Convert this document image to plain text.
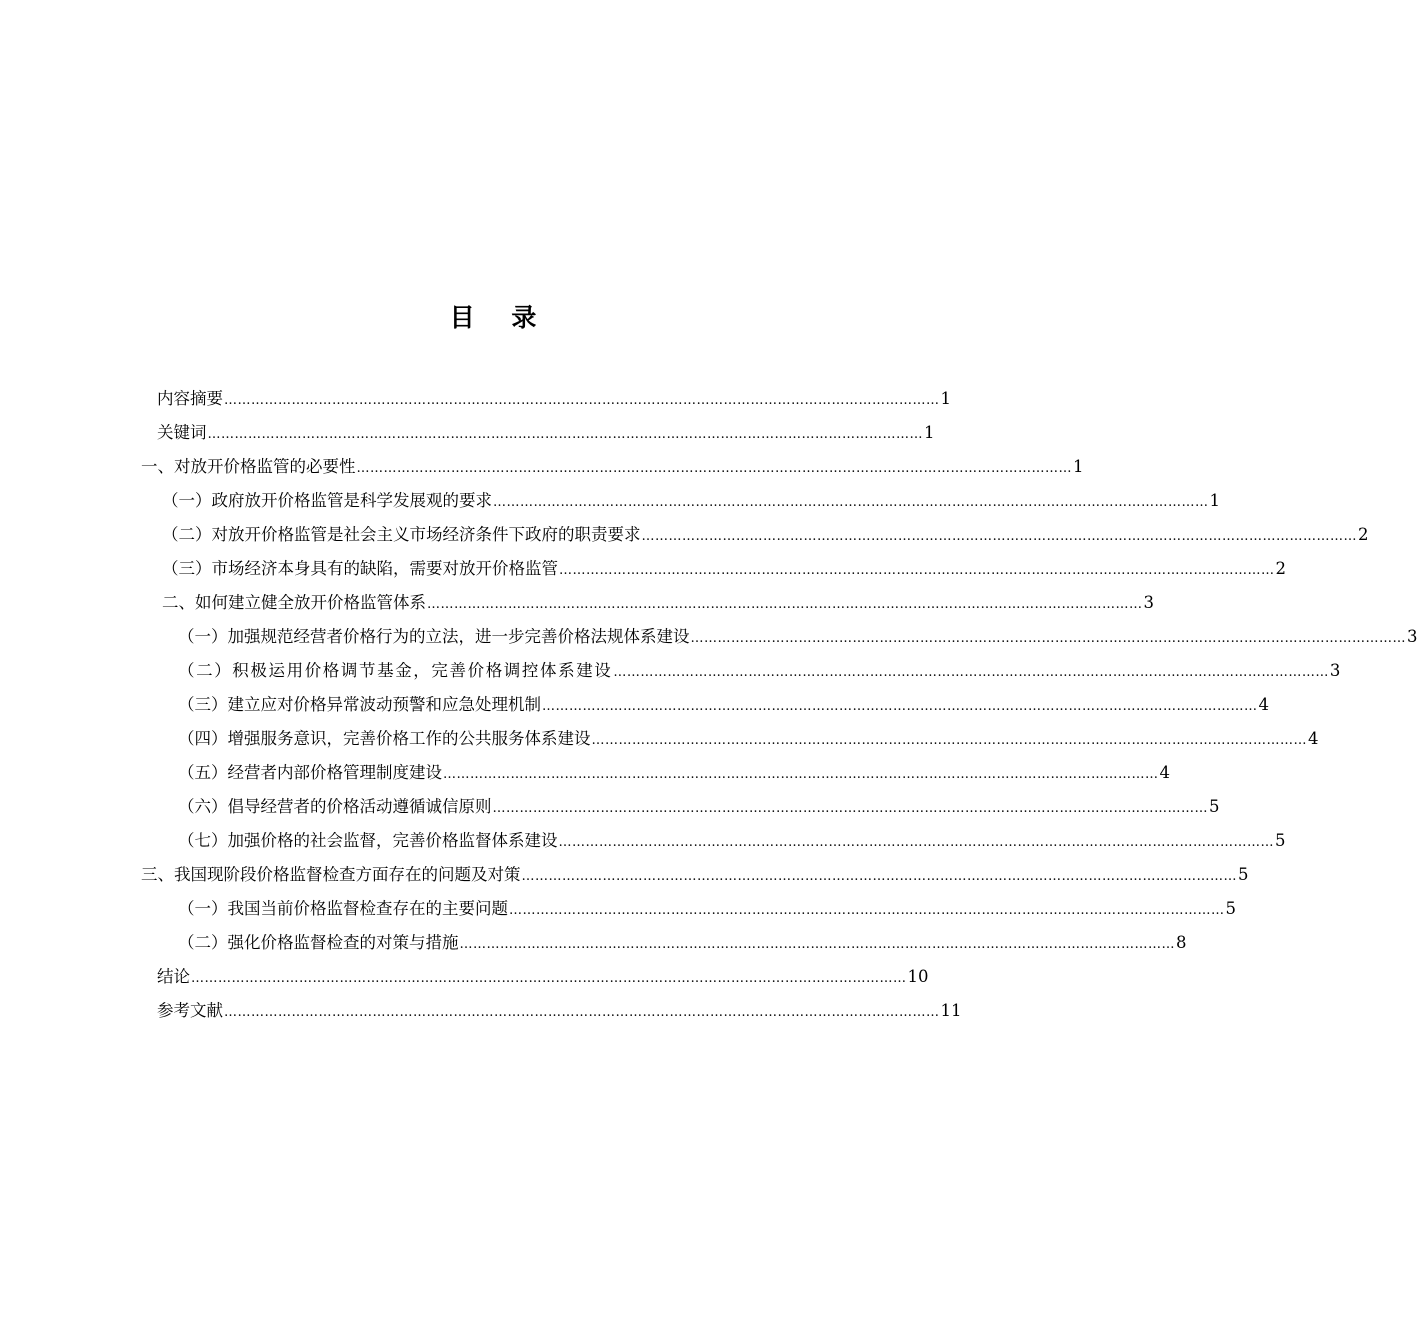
目 录
内容摘要 …………………………………………………………………………………………………………………………………………… 1
关键词 …………………………………………………………………………………………………………………………………………… 1
一、对放开价格监管的必要性 …………………………………………………………………………………………………………………………………………… 1
（一）政府放开价格监管是科学发展观的要求 …………………………………………………………………………………………………………………………………………… 1
（二）对放开价格监管是社会主义市场经济条件下政府的职责要求 …………………………………………………………………………………………………………………………………………… 2
（三）市场经济本身具有的缺陷，需要对放开价格监管 …………………………………………………………………………………………………………………………………………… 2
二、如何建立健全放开价格监管体系 …………………………………………………………………………………………………………………………………………… 3
（一）加强规范经营者价格行为的立法，进一步完善价格法规体系建设 …………………………………………………………………………………………………………………………………………… 3
（二）积极运用价格调节基金，完善价格调控体系建设 …………………………………………………………………………………………………………………………………………… 3
（三）建立应对价格异常波动预警和应急处理机制 …………………………………………………………………………………………………………………………………………… 4
（四）增强服务意识，完善价格工作的公共服务体系建设 …………………………………………………………………………………………………………………………………………… 4
（五）经营者内部价格管理制度建设 …………………………………………………………………………………………………………………………………………… 4
（六）倡导经营者的价格活动遵循诚信原则 …………………………………………………………………………………………………………………………………………… 5
（七）加强价格的社会监督，完善价格监督体系建设 …………………………………………………………………………………………………………………………………………… 5
三、我国现阶段价格监督检查方面存在的问题及对策 …………………………………………………………………………………………………………………………………………… 5
（一）我国当前价格监督检查存在的主要问题 …………………………………………………………………………………………………………………………………………… 5
（二）强化价格监督检查的对策与措施 …………………………………………………………………………………………………………………………………………… 8
结论 …………………………………………………………………………………………………………………………………………… 10
参考文献 …………………………………………………………………………………………………………………………………………… 11
